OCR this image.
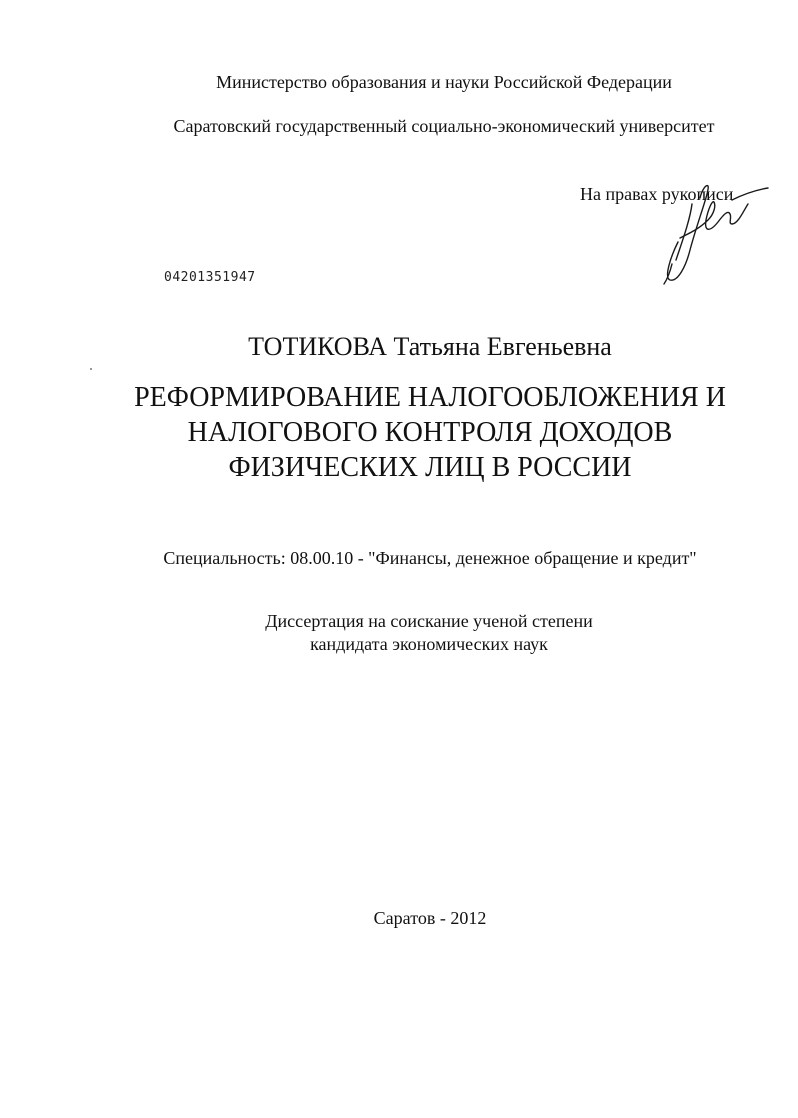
Министерство образования и науки Российской Федерации
Саратовский государственный социально-экономический университет
На правах рукописи
04201351947
ТОТИКОВА Татьяна Евгеньевна
РЕФОРМИРОВАНИЕ НАЛОГООБЛОЖЕНИЯ И
НАЛОГОВОГО КОНТРОЛЯ ДОХОДОВ
ФИЗИЧЕСКИХ ЛИЦ В РОССИИ
Специальность: 08.00.10 - "Финансы, денежное обращение и кредит"
Диссертация на соискание ученой степени
кандидата экономических наук
Саратов - 2012
